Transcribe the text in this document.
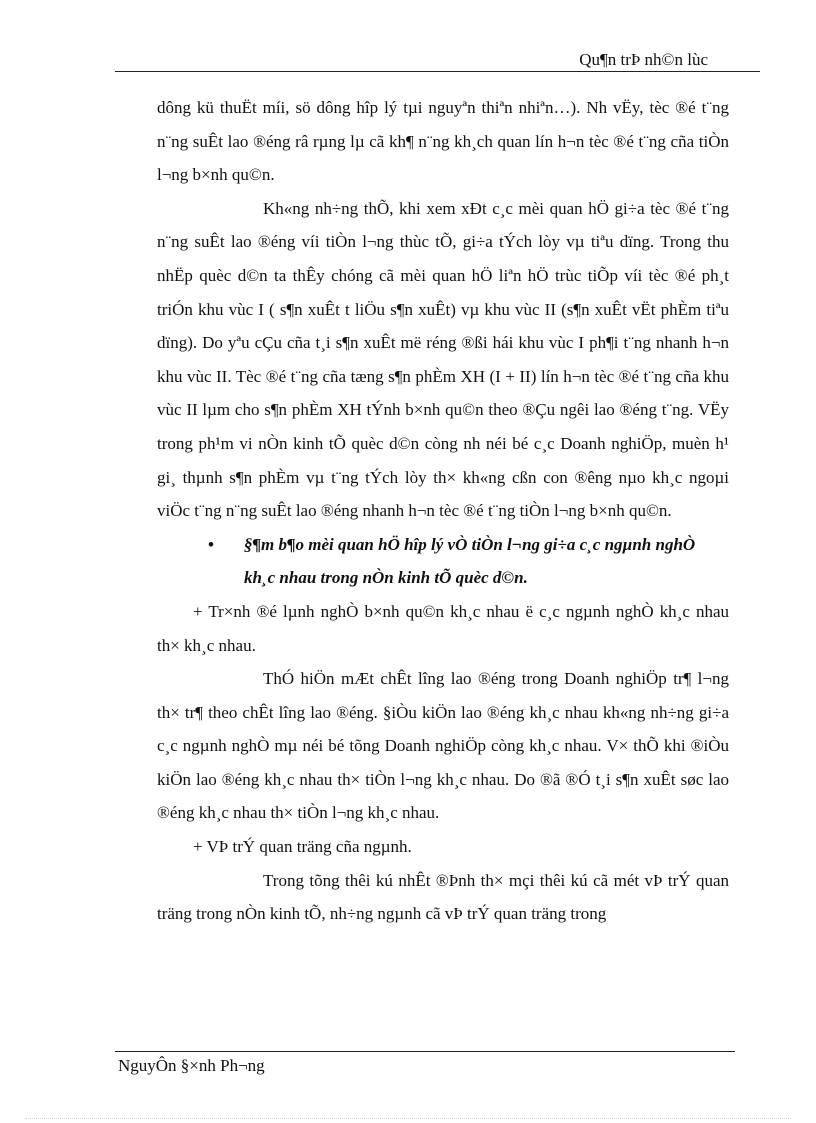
Qu¶n trÞ nh©n lùc

dông kü thuËt míi, sö dông hîp lý tµi nguyªn thiªn nhiªn…). Nh vËy, tèc ®é t¨ng n¨ng suÊt lao ®éng râ rµng lµ cã kh¶ n¨ng kh¸ch quan lín h¬n tèc ®é t¨ng cña tiÒn l¬ng b×nh qu©n.

Kh«ng nh÷ng thÕ, khi xem xÐt c¸c mèi quan hÖ gi÷a tèc ®é t¨ng n¨ng suÊt lao ®éng víi tiÒn l¬ng thùc tÕ, gi÷a tÝch lòy vµ tiªu dïng. Trong thu nhËp quèc d©n ta thÊy chóng cã mèi quan hÖ liªn hÖ trùc tiÕp víi tèc ®é ph¸t triÓn khu vùc I ( s¶n xuÊt t liÖu s¶n xuÊt) vµ khu vùc II (s¶n xuÊt vËt phÈm tiªu dïng). Do yªu cÇu cña t¸i s¶n xuÊt më réng ®ßi hái khu vùc I ph¶i t¨ng nhanh h¬n khu vùc II. Tèc ®é t¨ng cña tæng s¶n phÈm XH (I + II) lín h¬n tèc ®é t¨ng cña khu vùc II lµm cho s¶n phÈm XH tÝnh b×nh qu©n theo ®Çu ngêi lao ®éng t¨ng. VËy trong ph¹m vi nÒn kinh tÕ quèc d©n còng nh néi bé c¸c Doanh nghiÖp, muèn h¹ gi¸ thµnh s¶n phÈm vµ t¨ng tÝch lòy th× kh«ng cßn con ®êng nµo kh¸c ngoµi viÖc t¨ng n¨ng suÊt lao ®éng nhanh h¬n tèc ®é t¨ng tiÒn l¬ng b×nh qu©n.

• §¶m b¶o mèi quan hÖ hîp lý vÒ tiÒn l¬ng gi÷a c¸c ngµnh nghÒ kh¸c nhau trong nÒn kinh tÕ quèc d©n.

+ Tr×nh ®é lµnh nghÒ b×nh qu©n kh¸c nhau ë c¸c ngµnh nghÒ kh¸c nhau th× kh¸c nhau.

ThÓ hiÖn mÆt chÊt lîng lao ®éng trong Doanh nghiÖp tr¶ l¬ng th× tr¶ theo chÊt lîng lao ®éng. §iÒu kiÖn lao ®éng kh¸c nhau kh«ng nh÷ng gi÷a c¸c ngµnh nghÒ mµ néi bé tõng Doanh nghiÖp còng kh¸c nhau. V× thÕ khi ®iÒu kiÖn lao ®éng kh¸c nhau th× tiÒn l¬ng kh¸c nhau. Do ®ã ®Ó t¸i s¶n xuÊt søc lao ®éng kh¸c nhau th× tiÒn l¬ng kh¸c nhau.

+ VÞ trÝ quan träng cña ngµnh.

Trong tõng thêi kú nhÊt ®Þnh th× mçi thêi kú cã mét vÞ trÝ quan träng trong nÒn kinh tÕ, nh÷ng ngµnh cã vÞ trÝ quan träng trong

NguyÔn §×nh Ph¬ng
